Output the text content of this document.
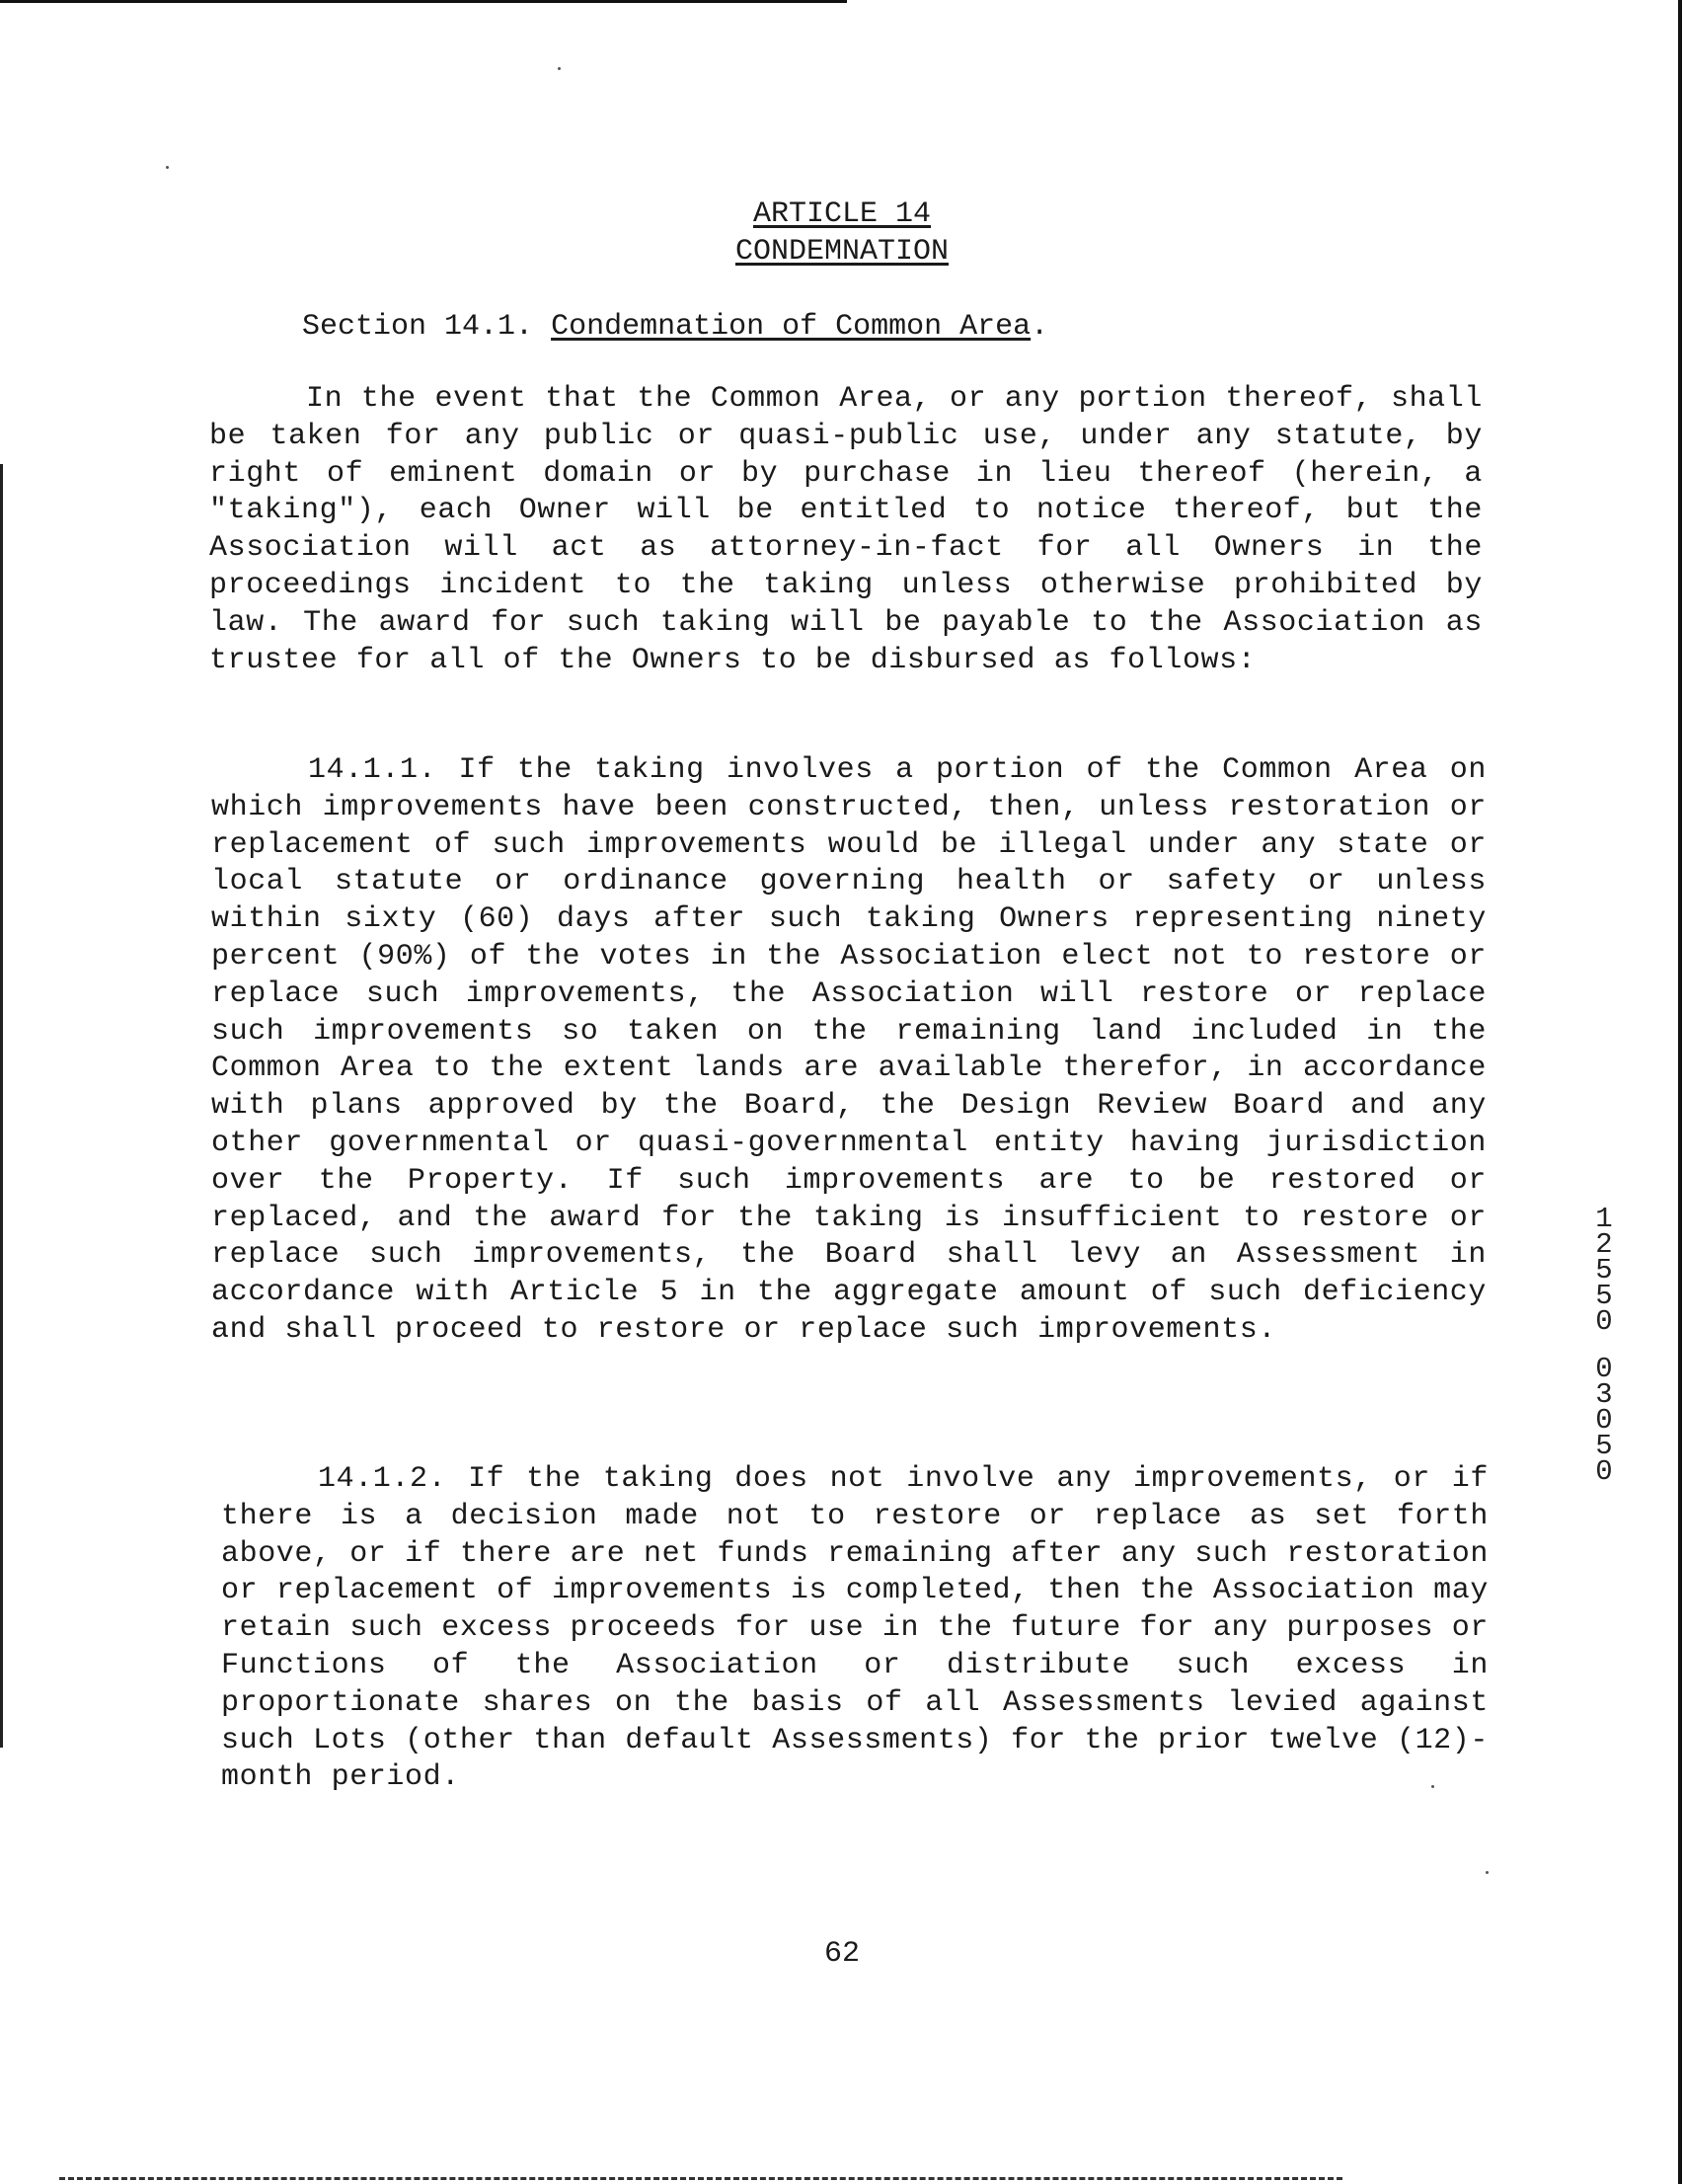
ARTICLE 14
CONDEMNATION
Section 14.1. Condemnation of Common Area.
In the event that the Common Area, or any portion thereof, shall be taken for any public or quasi-public use, under any statute, by right of eminent domain or by purchase in lieu thereof (herein, a "taking"), each Owner will be entitled to notice thereof, but the Association will act as attorney-in-fact for all Owners in the proceedings incident to the taking unless otherwise prohibited by law. The award for such taking will be payable to the Association as trustee for all of the Owners to be disbursed as follows:
14.1.1. If the taking involves a portion of the Common Area on which improvements have been constructed, then, unless restoration or replacement of such improvements would be illegal under any state or local statute or ordinance governing health or safety or unless within sixty (60) days after such taking Owners representing ninety percent (90%) of the votes in the Association elect not to restore or replace such improvements, the Association will restore or replace such improvements so taken on the remaining land included in the Common Area to the extent lands are available therefor, in accordance with plans approved by the Board, the Design Review Board and any other governmental or quasi-governmental entity having jurisdiction over the Property. If such improvements are to be restored or replaced, and the award for the taking is insufficient to restore or replace such improvements, the Board shall levy an Assessment in accordance with Article 5 in the aggregate amount of such deficiency and shall proceed to restore or replace such improvements.
14.1.2. If the taking does not involve any improvements, or if there is a decision made not to restore or replace as set forth above, or if there are net funds remaining after any such restoration or replacement of improvements is completed, then the Association may retain such excess proceeds for use in the future for any purposes or Functions of the Association or distribute such excess in proportionate shares on the basis of all Assessments levied against such Lots (other than default Assessments) for the prior twelve (12)-month period.
62
1
2
5
5
0
0
3
0
5
0
